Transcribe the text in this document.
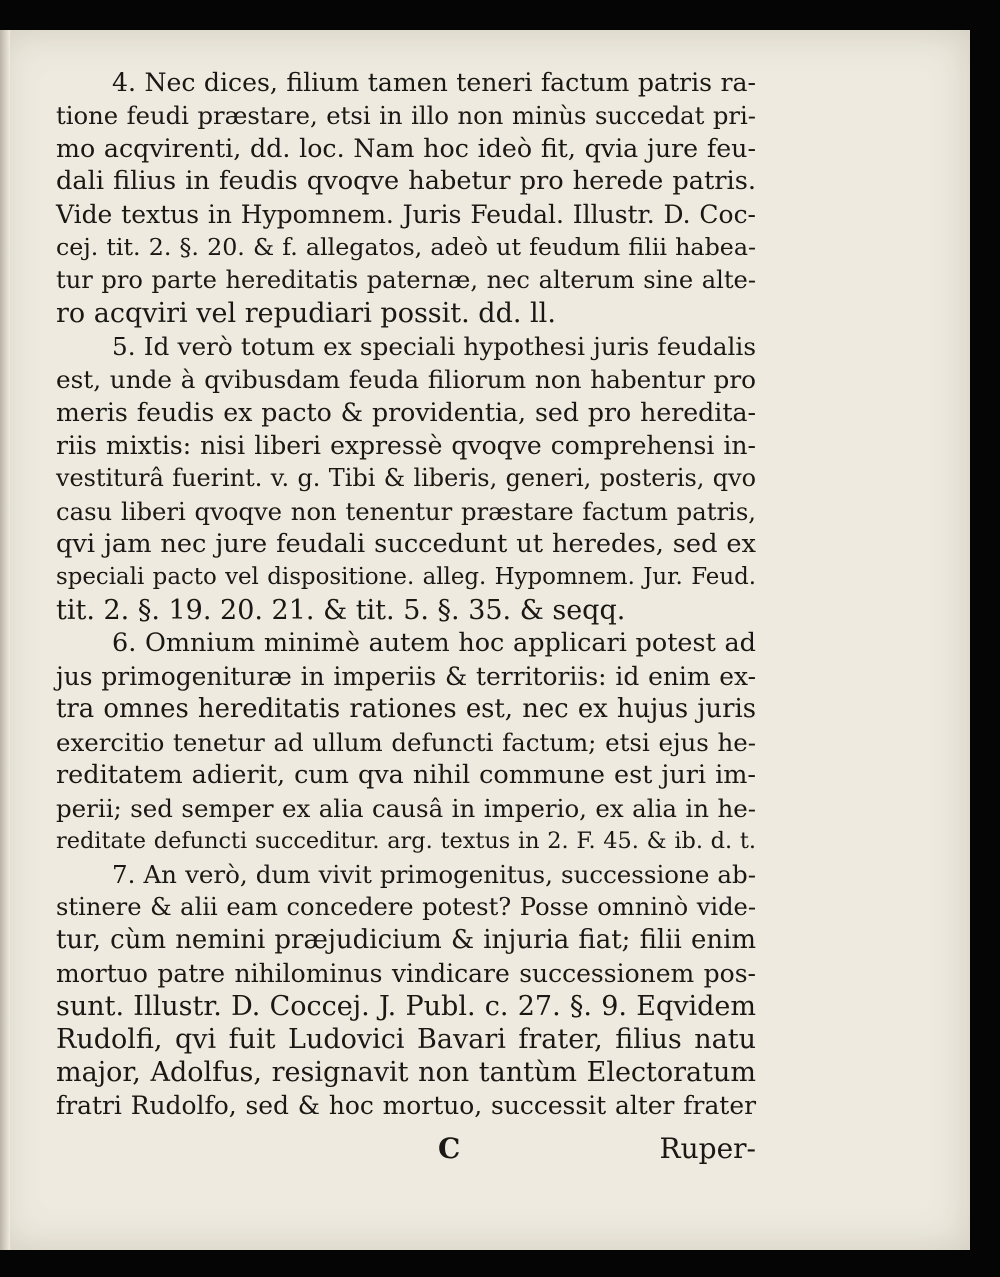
4. Nec dices, filium tamen teneri factum patris ra-
tione feudi præstare, etsi in illo non minùs succedat pri-
mo acqvirenti, dd. loc. Nam hoc ideò fit, qvia jure feu-
dali filius in feudis qvoqve habetur pro herede patris.
Vide textus in Hypomnem. Juris Feudal. Illustr. D. Coc-
cej. tit. 2. §. 20. & f. allegatos, adeò ut feudum filii habea-
tur pro parte hereditatis paternæ, nec alterum sine alte-
ro acqviri vel repudiari possit. dd. ll.
5. Id verò totum ex speciali hypothesi juris feudalis
est, unde à qvibusdam feuda filiorum non habentur pro
meris feudis ex pacto & providentia, sed pro heredita-
riis mixtis: nisi liberi expressè qvoqve comprehensi in-
vestiturâ fuerint. v. g. Tibi & liberis, generi, posteris, qvo
casu liberi qvoqve non tenentur præstare factum patris,
qvi jam nec jure feudali succedunt ut heredes, sed ex
speciali pacto vel dispositione. alleg. Hypomnem. Jur. Feud.
tit. 2. §. 19. 20. 21. & tit. 5. §. 35. & seqq.
6. Omnium minimè autem hoc applicari potest ad
jus primogenituræ in imperiis & territoriis: id enim ex-
tra omnes hereditatis rationes est, nec ex hujus juris
exercitio tenetur ad ullum defuncti factum; etsi ejus he-
reditatem adierit, cum qva nihil commune est juri im-
perii; sed semper ex alia causâ in imperio, ex alia in he-
reditate defuncti succeditur. arg. textus in 2. F. 45. & ib. d. t.
7. An verò, dum vivit primogenitus, successione ab-
stinere & alii eam concedere potest? Posse omninò vide-
tur, cùm nemini præjudicium & injuria fiat; filii enim
mortuo patre nihilominus vindicare successionem pos-
sunt. Illustr. D. Coccej. J. Publ. c. 27. §. 9. Eqvidem
Rudolfi, qvi fuit Ludovici Bavari frater, filius natu
major, Adolfus, resignavit non tantùm Electoratum
fratri Rudolfo, sed & hoc mortuo, successit alter frater
C	Ruper-
